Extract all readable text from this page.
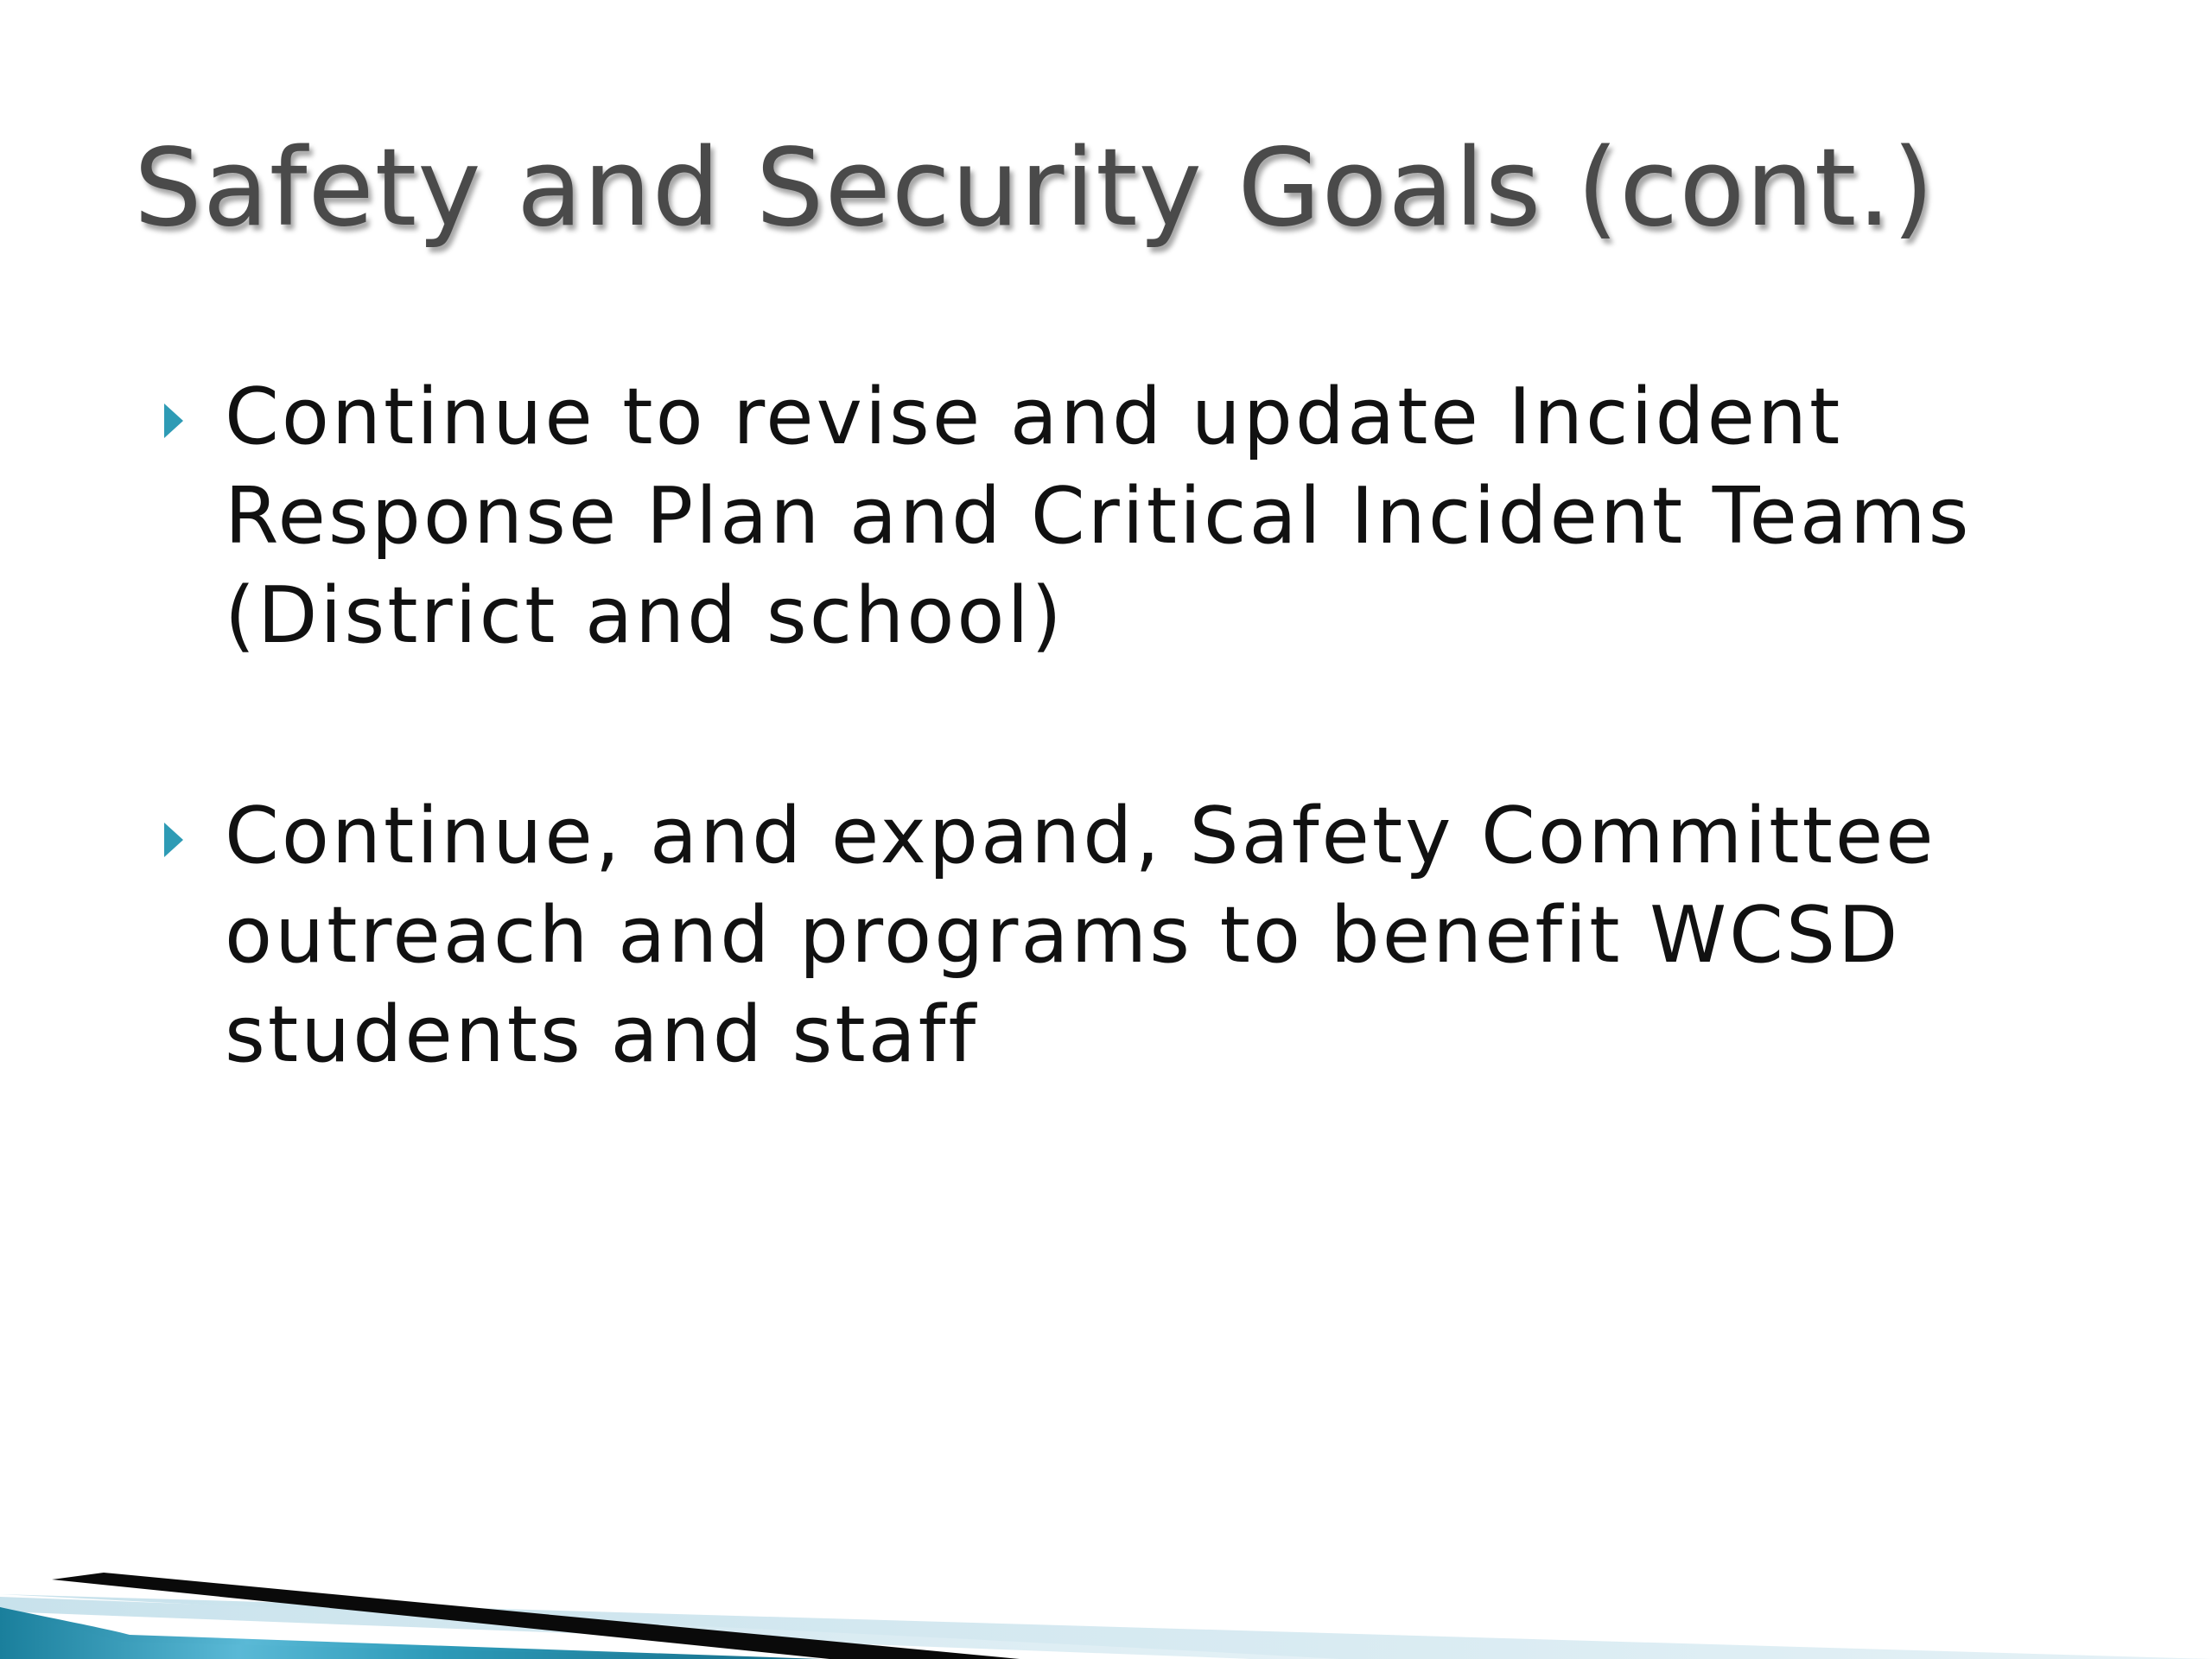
Safety and Security Goals (cont.)
Continue to revise and update Incident Response Plan and Critical Incident Teams (District and school)
Continue, and expand, Safety Committee outreach and programs to benefit WCSD students and staff
